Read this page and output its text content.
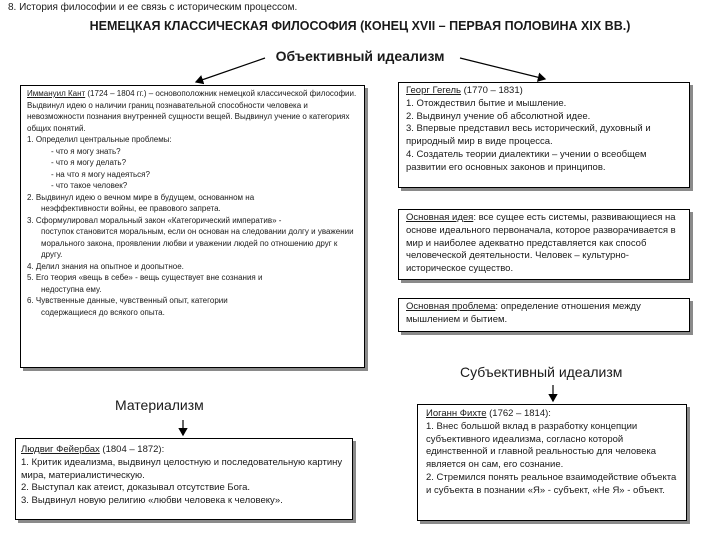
8. История философии и ее связь с историческим процессом.
НЕМЕЦКАЯ КЛАССИЧЕСКАЯ ФИЛОСОФИЯ (КОНЕЦ XVII – ПЕРВАЯ ПОЛОВИНА XIX ВВ.)
Объективный идеализм
Иммануил Кант (1724 – 1804 гг.) – основоположник немецкой классической философии. Выдвинул идею о наличии границ познавательной способности человека и невозможности познания внутренней сущности вещей. Выдвинул учение о категориях общих понятий.
1. Определил центральные проблемы:
- что я могу знать?
- что я могу делать?
- на что я могу надеяться?
- что такое человек?
2. Выдвинул идею о вечном мире в будущем, основанном на
неэффективности войны, ее правового запрета.
3. Сформулировал моральный закон «Категорический императив» -
поступок становится моральным, если он основан на следовании долгу и уважении морального закона, проявлении любви и уважении людей по отношению друг к другу.
4. Делил знания на опытное и доопытное.
5. Его теория «вещь в себе» - вещь существует вне сознания и
недоступна ему.
6. Чувственные данные, чувственный опыт, категории
содержащиеся до всякого опыта.
Георг Гегель (1770 – 1831)
1. Отождествил бытие и мышление.
2. Выдвинул учение об абсолютной идее.
3. Впервые представил весь исторический, духовный и природный мир в виде процесса.
4. Создатель теории диалектики – учении о всеобщем развитии его основных законов и принципов.
Основная идея: все сущее есть системы, развивающиеся на основе идеального первоначала, которое разворачивается в мир и наиболее адекватно представляется как способ человеческой деятельности. Человек – культурно-историческое существо.
Основная проблема: определение отношения между мышлением и бытием.
Материализм
Субъективный идеализм
Людвиг Фейербах (1804 – 1872):
1. Критик идеализма, выдвинул целостную и последовательную картину мира, материалистическую.
2. Выступал как атеист, доказывал отсутствие Бога.
3. Выдвинул новую религию «любви человека к человеку».
Иоганн Фихте (1762 – 1814):
1. Внес большой вклад в разработку концепции субъективного идеализма, согласно которой единственной и главной реальностью для человека является он сам, его сознание.
2. Стремился понять реальное взаимодействие объекта и субъекта в познании «Я» - субъект, «Не Я» - объект.
